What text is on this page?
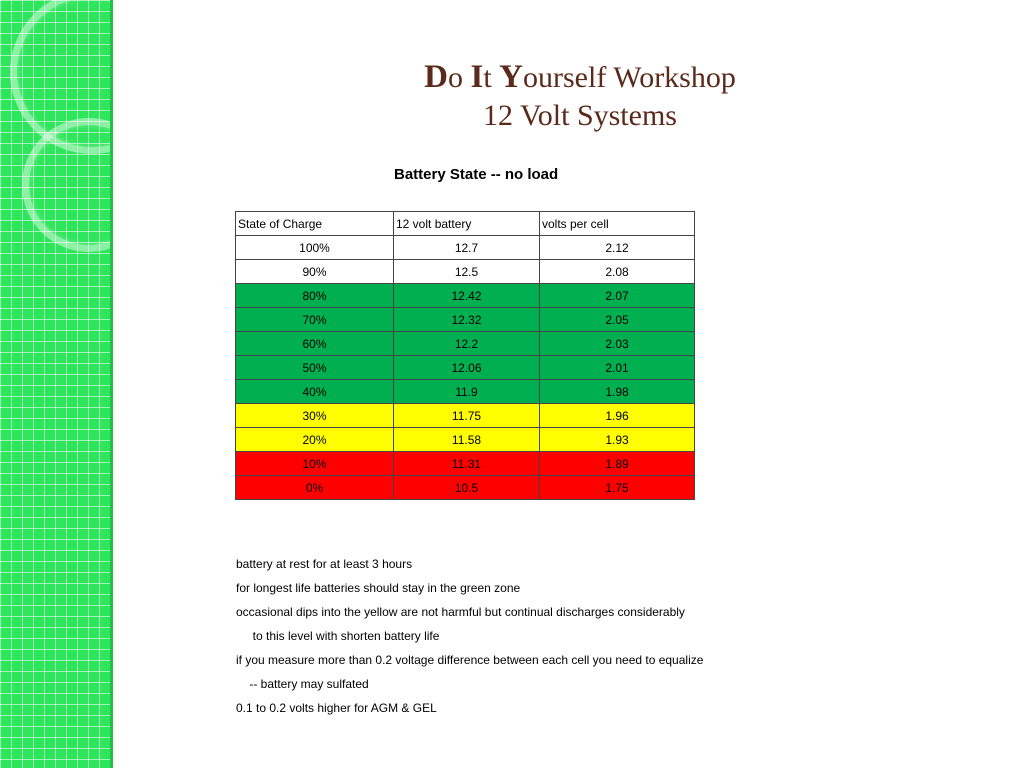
Do It Yourself Workshop
12 Volt Systems
Battery State -- no load
State of Charge	12 volt battery	volts per cell
100%	12.7	2.12
90%	12.5	2.08
80%	12.42	2.07
70%	12.32	2.05
60%	12.2	2.03
50%	12.06	2.01
40%	11.9	1.98
30%	11.75	1.96
20%	11.58	1.93
10%	11.31	1.89
0%	10.5	1.75
battery at rest for at least 3 hours
for longest life batteries should stay in the green zone
occasional dips into the yellow are not harmful but continual discharges considerably
to this level with shorten battery life
if you measure more than 0.2 voltage difference between each cell you need to equalize
-- battery may sulfated
0.1 to 0.2 volts higher for AGM & GEL
